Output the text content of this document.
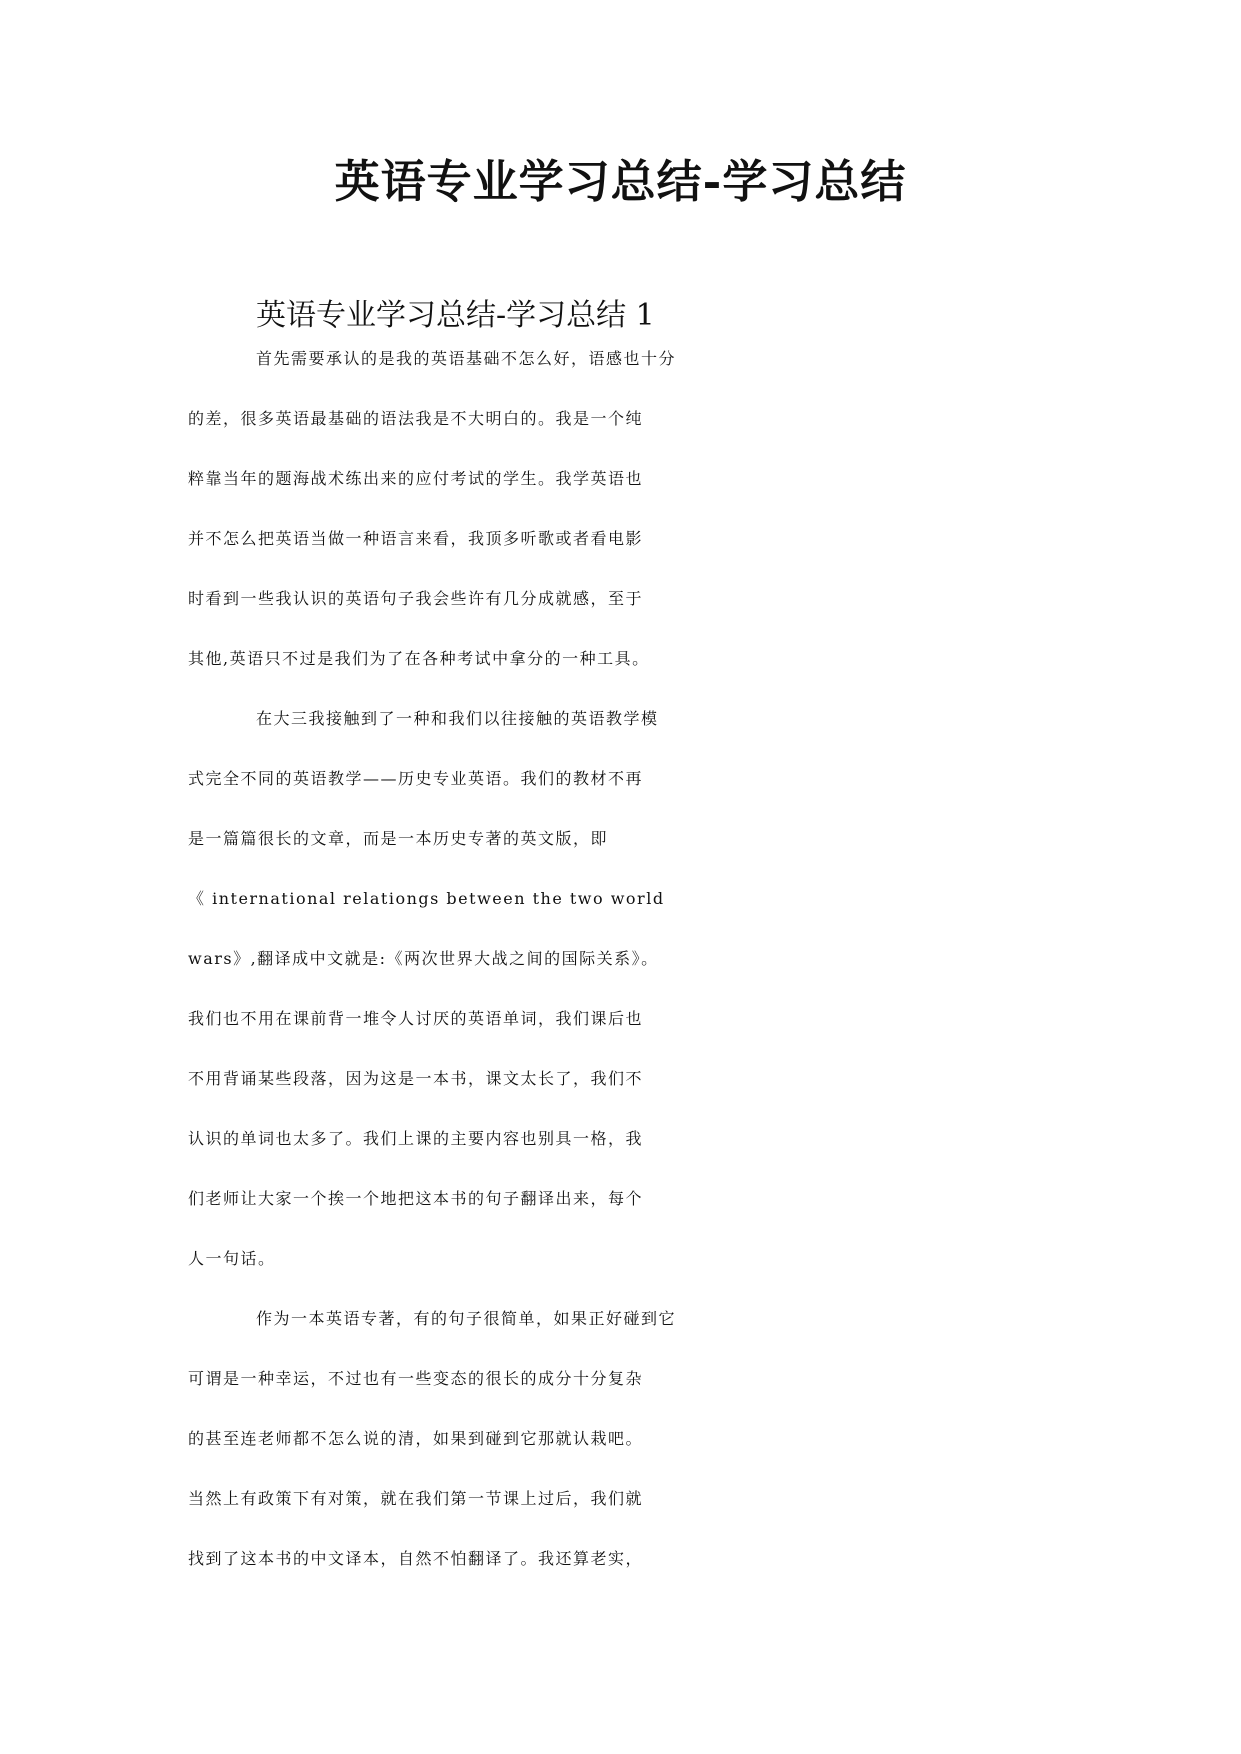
英语专业学习总结-学习总结

英语专业学习总结-学习总结 1

首先需要承认的是我的英语基础不怎么好，语感也十分
的差，很多英语最基础的语法我是不大明白的。我是一个纯
粹靠当年的题海战术练出来的应付考试的学生。我学英语也
并不怎么把英语当做一种语言来看，我顶多听歌或者看电影
时看到一些我认识的英语句子我会些许有几分成就感，至于
其他,英语只不过是我们为了在各种考试中拿分的一种工具。
在大三我接触到了一种和我们以往接触的英语教学模
式完全不同的英语教学——历史专业英语。我们的教材不再
是一篇篇很长的文章，而是一本历史专著的英文版，即
《 international relationgs between the two world
wars》,翻译成中文就是:《两次世界大战之间的国际关系》。
我们也不用在课前背一堆令人讨厌的英语单词，我们课后也
不用背诵某些段落，因为这是一本书，课文太长了，我们不
认识的单词也太多了。我们上课的主要内容也别具一格，我
们老师让大家一个挨一个地把这本书的句子翻译出来，每个
人一句话。
作为一本英语专著，有的句子很简单，如果正好碰到它
可谓是一种幸运，不过也有一些变态的很长的成分十分复杂
的甚至连老师都不怎么说的清，如果到碰到它那就认栽吧。
当然上有政策下有对策，就在我们第一节课上过后，我们就
找到了这本书的中文译本，自然不怕翻译了。我还算老实，
